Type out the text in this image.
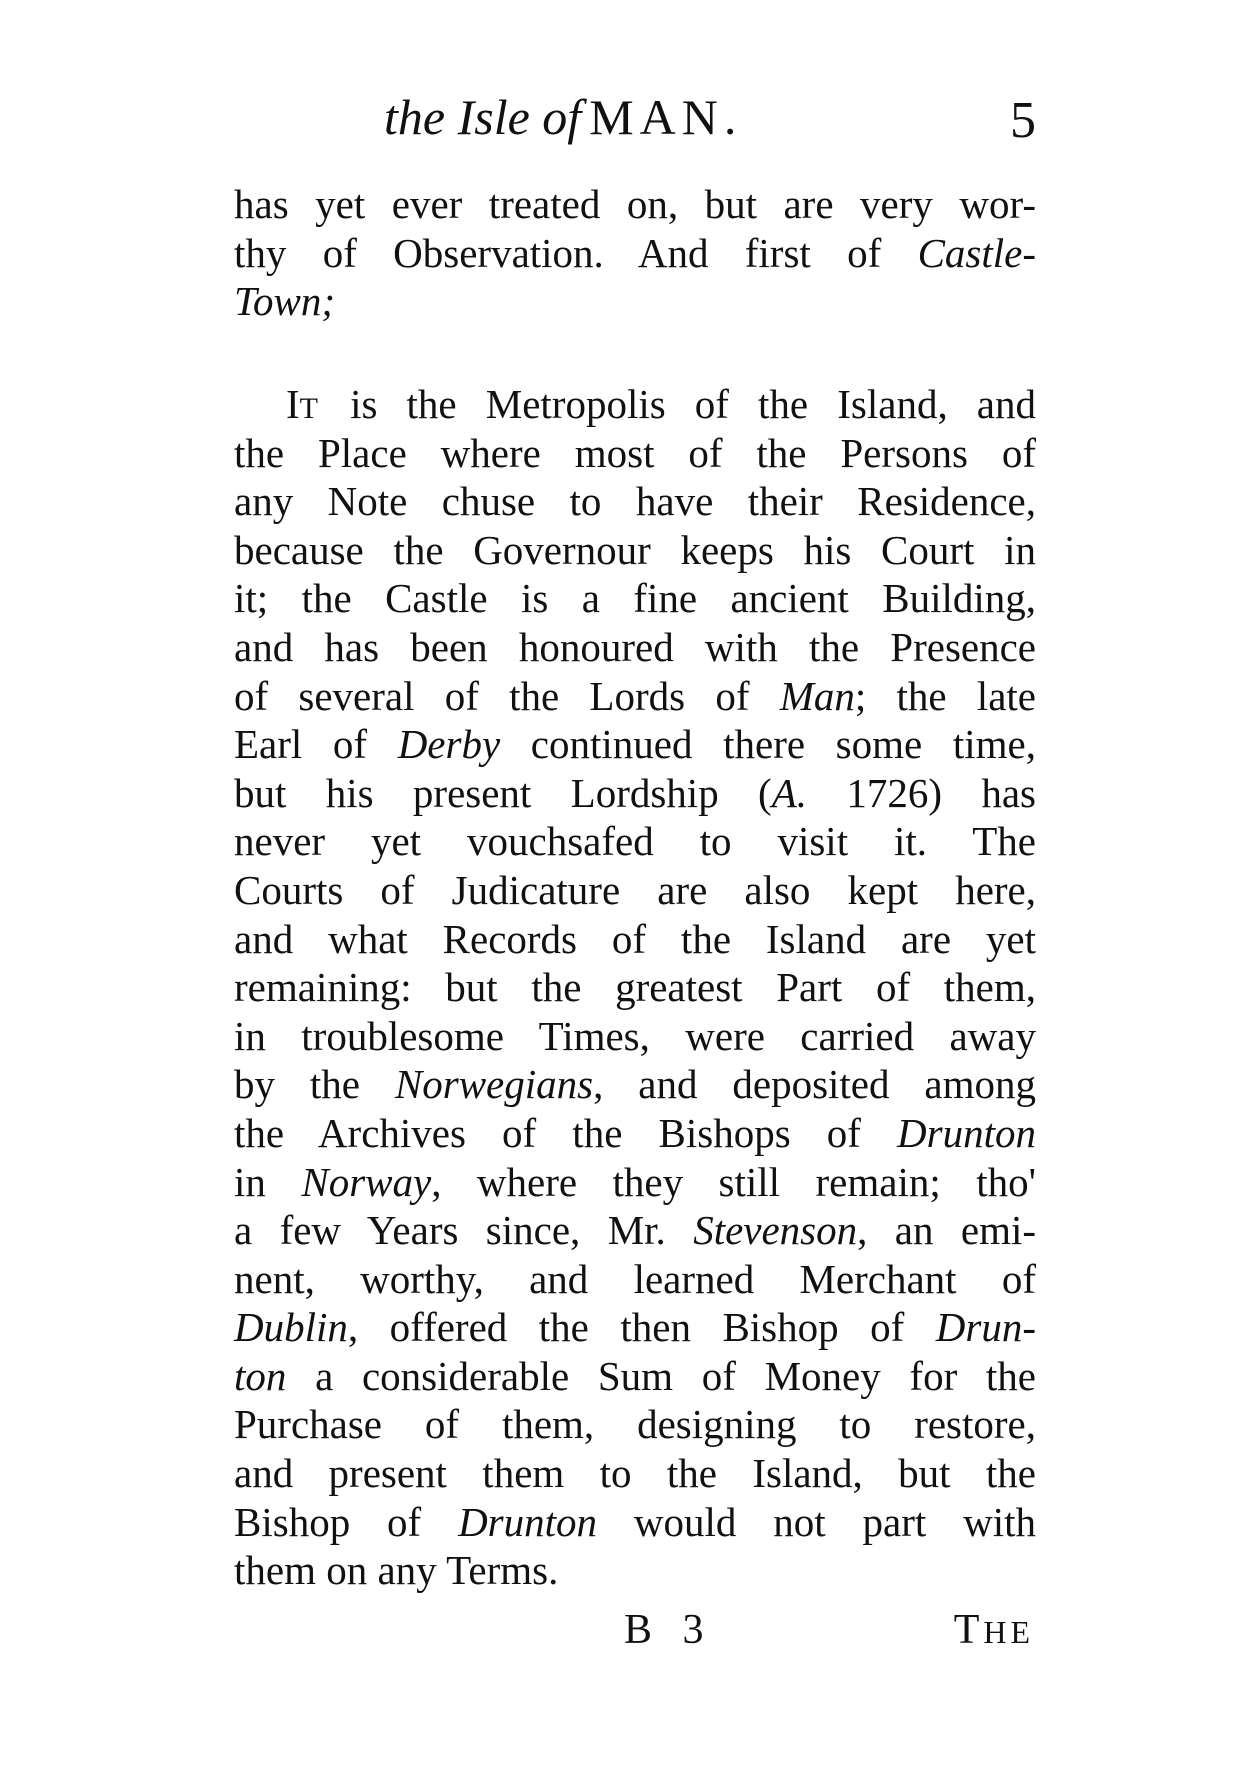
the Isle of MAN.	5
has yet ever treated on, but are very wor-
thy of Observation. And first of Castle-
Town;
IT is the Metropolis of the Island, and
the Place where most of the Persons of
any Note chuse to have their Residence,
because the Governour keeps his Court in
it; the Castle is a fine ancient Building,
and has been honoured with the Presence
of several of the Lords of Man; the late
Earl of Derby continued there some time,
but his present Lordship (A. 1726) has
never yet vouchsafed to visit it. The
Courts of Judicature are also kept here,
and what Records of the Island are yet
remaining: but the greatest Part of them,
in troublesome Times, were carried away
by the Norwegians, and deposited among
the Archives of the Bishops of Drunton
in Norway, where they still remain; tho'
a few Years since, Mr. Stevenson, an emi-
nent, worthy, and learned Merchant of
Dublin, offered the then Bishop of Drun-
ton a considerable Sum of Money for the
Purchase of them, designing to restore,
and present them to the Island, but the
Bishop of Drunton would not part with
them on any Terms.
B 3	THE
